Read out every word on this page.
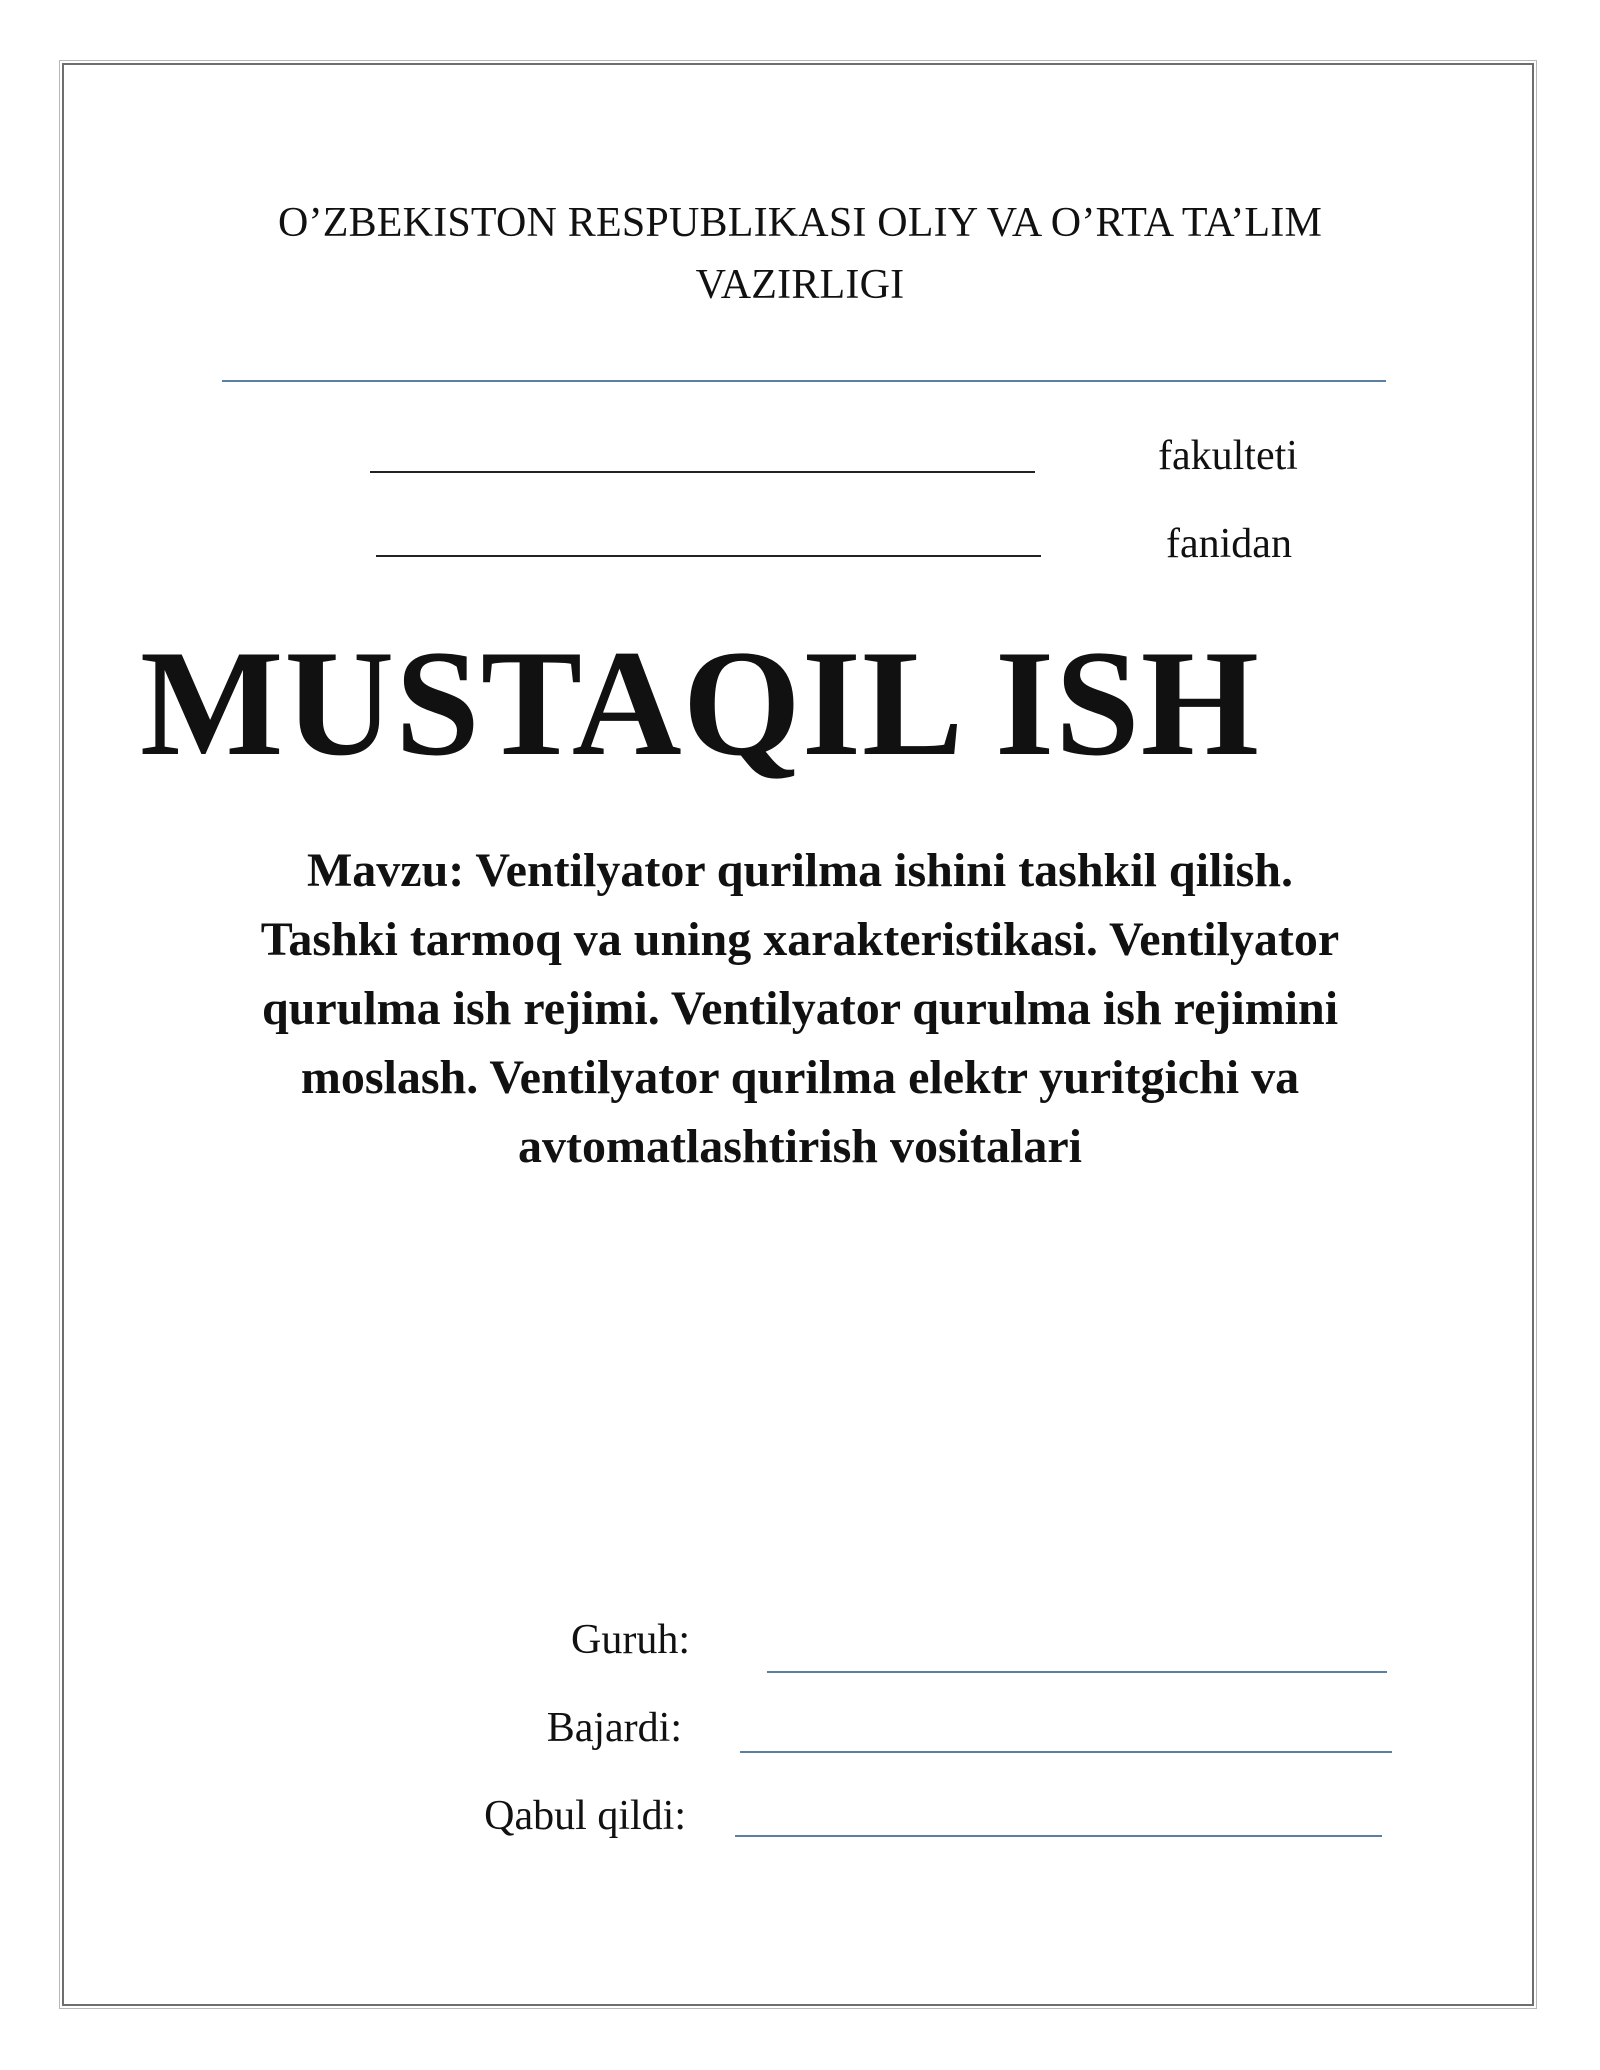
O’ZBEKISTON RESPUBLIKASI OLIY VA O’RTA TA’LIM
VAZIRLIGI
fakulteti
fanidan
MUSTAQIL ISH
Mavzu: Ventilyator qurilma ishini tashkil qilish.
Tashki tarmoq va uning xarakteristikasi. Ventilyator
qurulma ish rejimi. Ventilyator qurulma ish rejimini
moslash. Ventilyator qurilma elektr yuritgichi va
avtomatlashtirish vositalari
Guruh:
Bajardi:
Qabul qildi:
